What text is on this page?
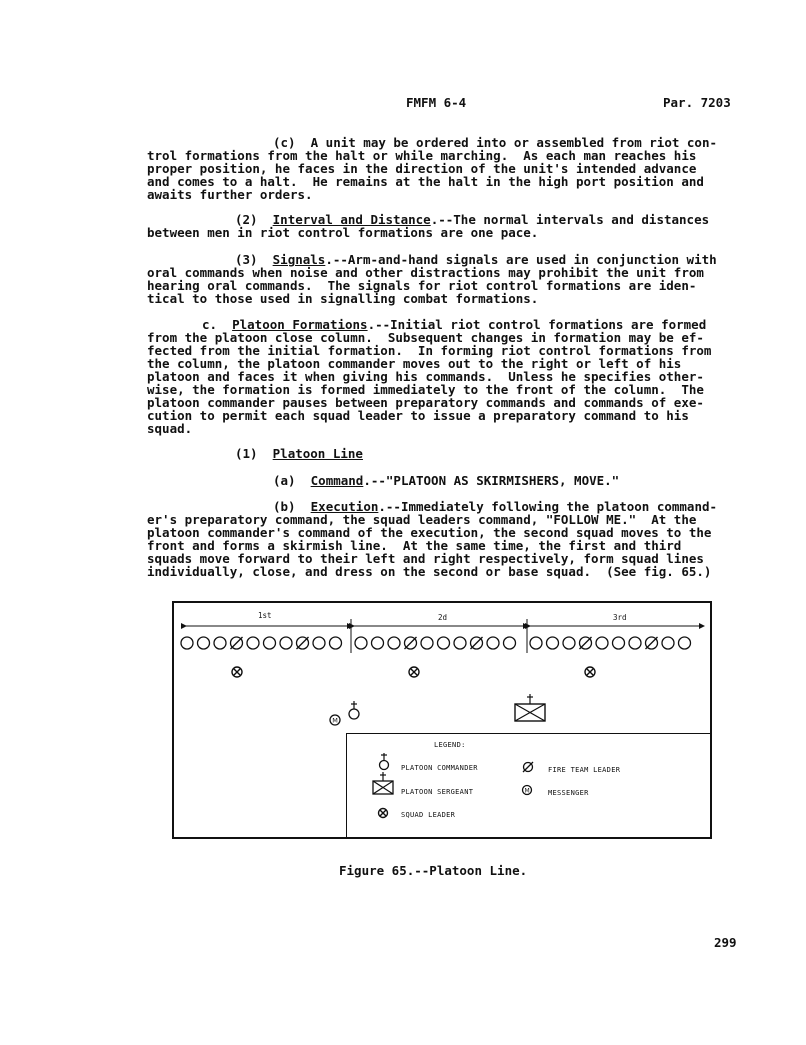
FMFM 6-4	Par. 7203
(c)  A unit may be ordered into or assembled from riot con-
trol formations from the halt or while marching.  As each man reaches his
proper position, he faces in the direction of the unit's intended advance
and comes to a halt.  He remains at the halt in the high port position and
awaits further orders.
(2)  Interval and Distance.--The normal intervals and distances
between men in riot control formations are one pace.
(3)  Signals.--Arm-and-hand signals are used in conjunction with
oral commands when noise and other distractions may prohibit the unit from
hearing oral commands.  The signals for riot control formations are iden-
tical to those used in signalling combat formations.
c.  Platoon Formations.--Initial riot control formations are formed
from the platoon close column.  Subsequent changes in formation may be ef-
fected from the initial formation.  In forming riot control formations from
the column, the platoon commander moves out to the right or left of his
platoon and faces it when giving his commands.  Unless he specifies other-
wise, the formation is formed immediately to the front of the column.  The
platoon commander pauses between preparatory commands and commands of exe-
cution to permit each squad leader to issue a preparatory command to his
squad.
(1)  Platoon Line
(a)  Command.--"PLATOON AS SKIRMISHERS, MOVE."
(b)  Execution.--Immediately following the platoon command-
er's preparatory command, the squad leaders command, "FOLLOW ME."  At the
platoon commander's command of the execution, the second squad moves to the
front and forms a skirmish line.  At the same time, the first and third
squads move forward to their left and right respectively, form squad lines
individually, close, and dress on the second or base squad.  (See fig. 65.)
M
1st	2d	3rd
LEGEND:
PLATOON COMMANDER
PLATOON SERGEANT
SQUAD LEADER
FIRE TEAM LEADER
MESSENGER
M
Figure 65.--Platoon Line.
299
